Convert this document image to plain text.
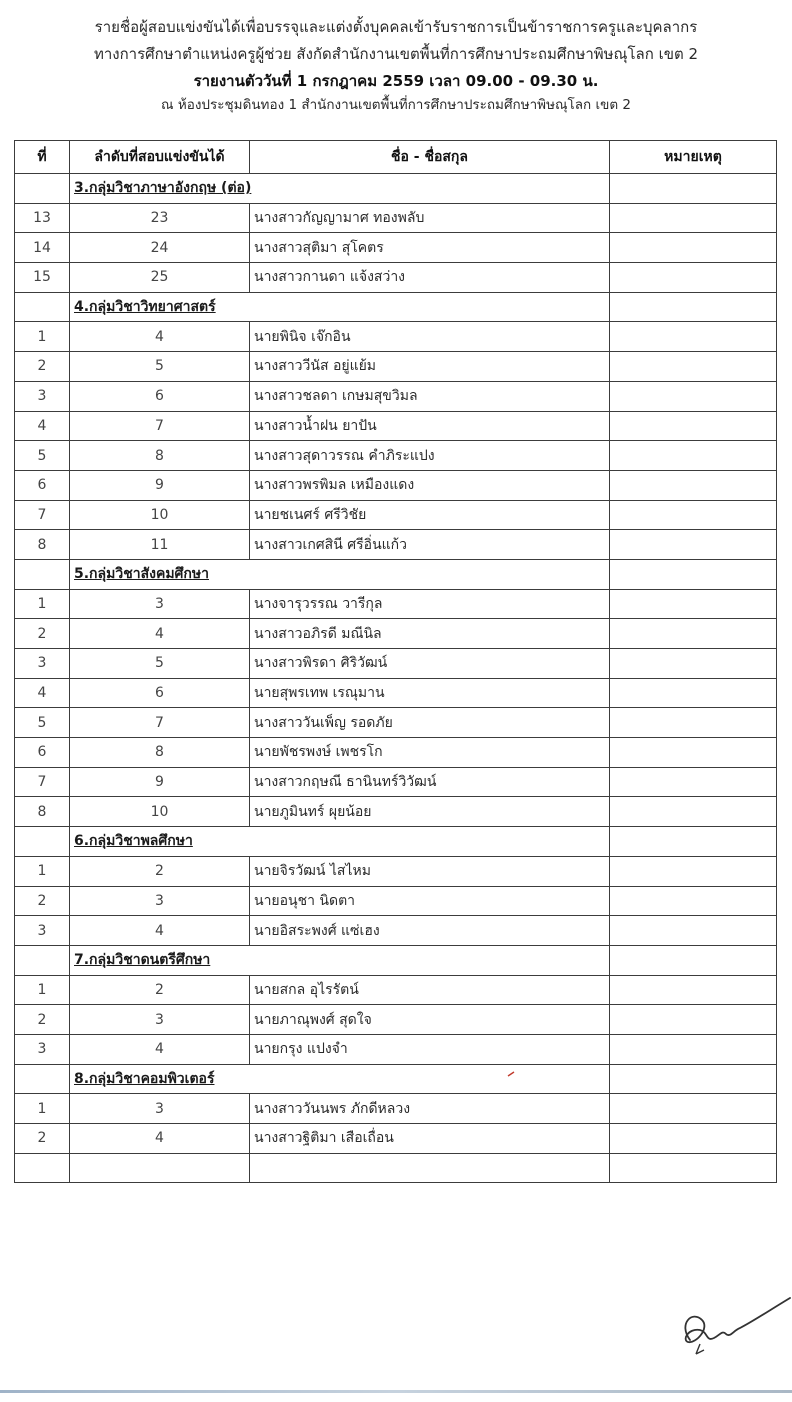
รายชื่อผู้สอบแข่งขันได้เพื่อบรรจุและแต่งตั้งบุคคลเข้ารับราชการเป็นข้าราชการครูและบุคลากร
ทางการศึกษาตำแหน่งครูผู้ช่วย สังกัดสำนักงานเขตพื้นที่การศึกษาประถมศึกษาพิษณุโลก เขต 2
รายงานตัววันที่ 1 กรกฎาคม 2559 เวลา 09.00 - 09.30 น.
ณ ห้องประชุมดินทอง 1 สำนักงานเขตพื้นที่การศึกษาประถมศึกษาพิษณุโลก เขต 2
ที่	ลำดับที่สอบแข่งขันได้	ชื่อ - ชื่อสกุล	หมายเหตุ
	3.กลุ่มวิชาภาษาอังกฤษ (ต่อ)		
13	23	นางสาวกัญญามาศ ทองพลับ	
14	24	นางสาวสุติมา สุโคตร	
15	25	นางสาวกานดา แจ้งสว่าง	
	4.กลุ่มวิชาวิทยาศาสตร์		
1	4	นายพินิจ เจ๊กอิน	
2	5	นางสาววีนัส อยู่แย้ม	
3	6	นางสาวชลดา เกษมสุขวิมล	
4	7	นางสาวน้ำฝน ยาปัน	
5	8	นางสาวสุดาวรรณ คำภิระแปง	
6	9	นางสาวพรพิมล เหมืองแดง	
7	10	นายชเนศร์ ศรีวิชัย	
8	11	นางสาวเกศสินี ศรีอิ่นแก้ว	
	5.กลุ่มวิชาสังคมศึกษา		
1	3	นางจารุวรรณ วารีกุล	
2	4	นางสาวอภิรดี มณีนิล	
3	5	นางสาวพิรดา ศิริวัฒน์	
4	6	นายสุพรเทพ เรณุมาน	
5	7	นางสาววันเพ็ญ รอดภัย	
6	8	นายพัชรพงษ์ เพชรโก	
7	9	นางสาวกฤษณี ธานินทร์วิวัฒน์	
8	10	นายภูมินทร์ ผุยน้อย	
	6.กลุ่มวิชาพลศึกษา		
1	2	นายจิรวัฒน์ ไสไหม	
2	3	นายอนุชา นิดตา	
3	4	นายอิสระพงศ์ แซ่เฮง	
	7.กลุ่มวิชาดนตรีศึกษา		
1	2	นายสกล อุไรรัตน์	
2	3	นายภาณุพงศ์ สุดใจ	
3	4	นายกรุง แปงจำ	
	8.กลุ่มวิชาคอมพิวเตอร์		
1	3	นางสาววันนพร ภักดีหลวง	
2	4	นางสาวฐิติมา เสือเถื่อน	
